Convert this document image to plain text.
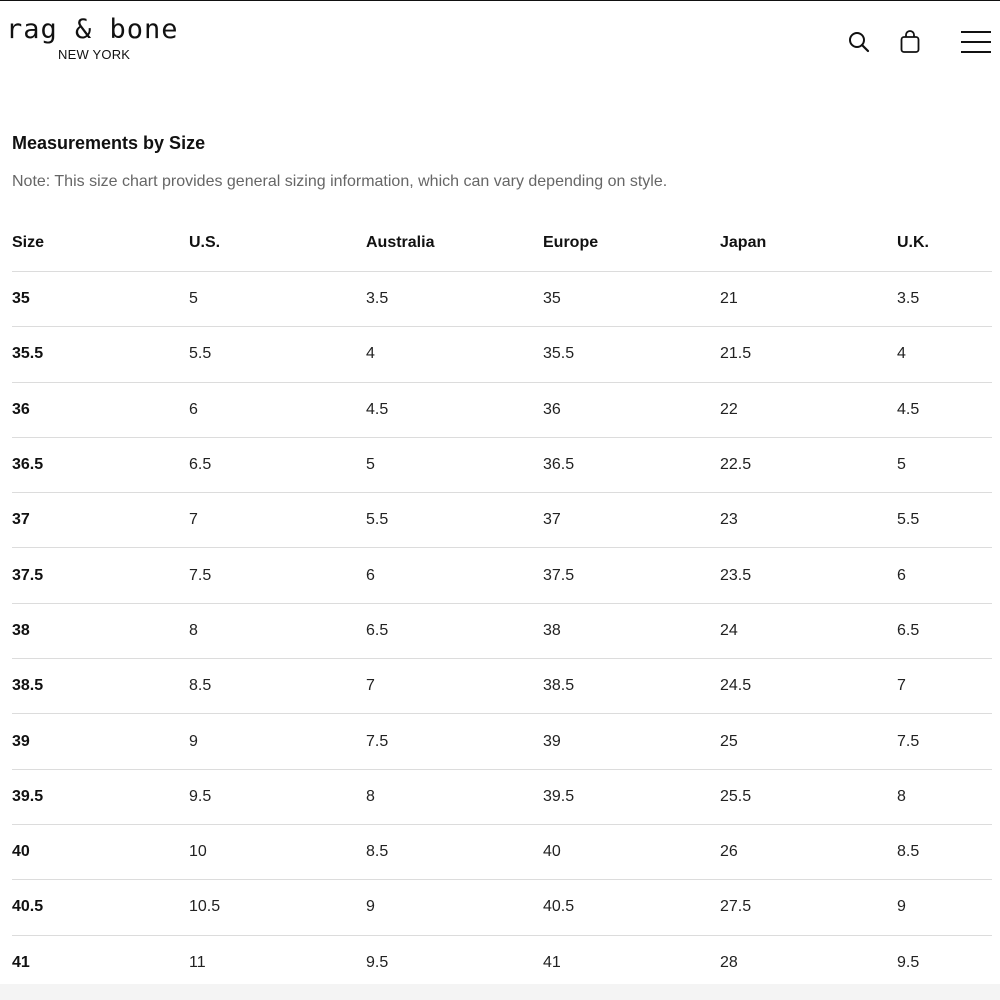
rag & bone
NEW YORK
Measurements by Size
Note: This size chart provides general sizing information, which can vary depending on style.
Size	U.S.	Australia	Europe	Japan	U.K.
35	5	3.5	35	21	3.5
35.5	5.5	4	35.5	21.5	4
36	6	4.5	36	22	4.5
36.5	6.5	5	36.5	22.5	5
37	7	5.5	37	23	5.5
37.5	7.5	6	37.5	23.5	6
38	8	6.5	38	24	6.5
38.5	8.5	7	38.5	24.5	7
39	9	7.5	39	25	7.5
39.5	9.5	8	39.5	25.5	8
40	10	8.5	40	26	8.5
40.5	10.5	9	40.5	27.5	9
41	11	9.5	41	28	9.5
